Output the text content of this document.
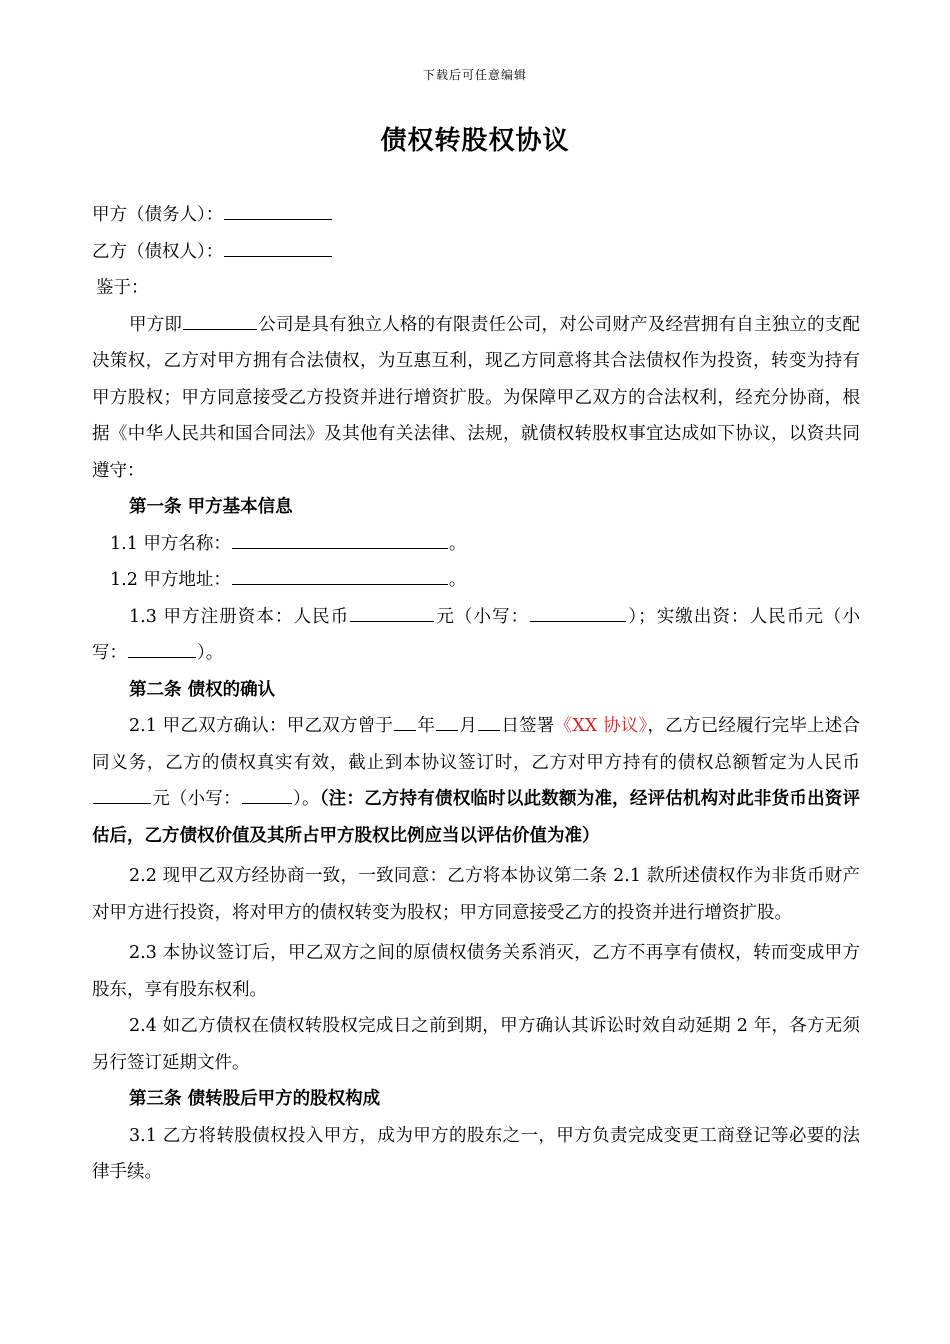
下载后可任意编辑
债权转股权协议
甲方（债务人）：
乙方（债权人）：
鉴于：

甲方即	公司是具有独立人格的有限责任公司，对公司财产及经营拥有自主独立的支配决策权，乙方对甲方拥有合法债权，为互惠互利，现乙方同意将其合法债权作为投资，转变为持有甲方股权；甲方同意接受乙方投资并进行增资扩股。为保障甲乙双方的合法权利，经充分协商，根据《中华人民共和国合同法》及其他有关法律、法规，就债权转股权事宜达成如下协议，以资共同遵守：

第一条 甲方基本信息
1.1 甲方名称：	。
1.2 甲方地址：	。

1.3 甲方注册资本：人民币	元（小写：	）；实缴出资：人民币元（小写：	）。

第二条 债权的确认

2.1 甲乙双方确认：甲乙双方曾于 年 月 日签署《XX 协议》，乙方已经履行完毕上述合同义务，乙方的债权真实有效，截止到本协议签订时，乙方对甲方持有的债权总额暂定为人民币元（小写：	）。（注：乙方持有债权临时以此数额为准，经评估机构对此非货币出资评估后，乙方债权价值及其所占甲方股权比例应当以评估价值为准）

2.2 现甲乙双方经协商一致，一致同意：乙方将本协议第二条 2.1 款所述债权作为非货币财产对甲方进行投资，将对甲方的债权转变为股权；甲方同意接受乙方的投资并进行增资扩股。

2.3 本协议签订后，甲乙双方之间的原债权债务关系消灭，乙方不再享有债权，转而变成甲方股东，享有股东权利。

2.4 如乙方债权在债权转股权完成日之前到期，甲方确认其诉讼时效自动延期 2 年，各方无须另行签订延期文件。

第三条 债转股后甲方的股权构成

3.1 乙方将转股债权投入甲方，成为甲方的股东之一，甲方负责完成变更工商登记等必要的法律手续。
